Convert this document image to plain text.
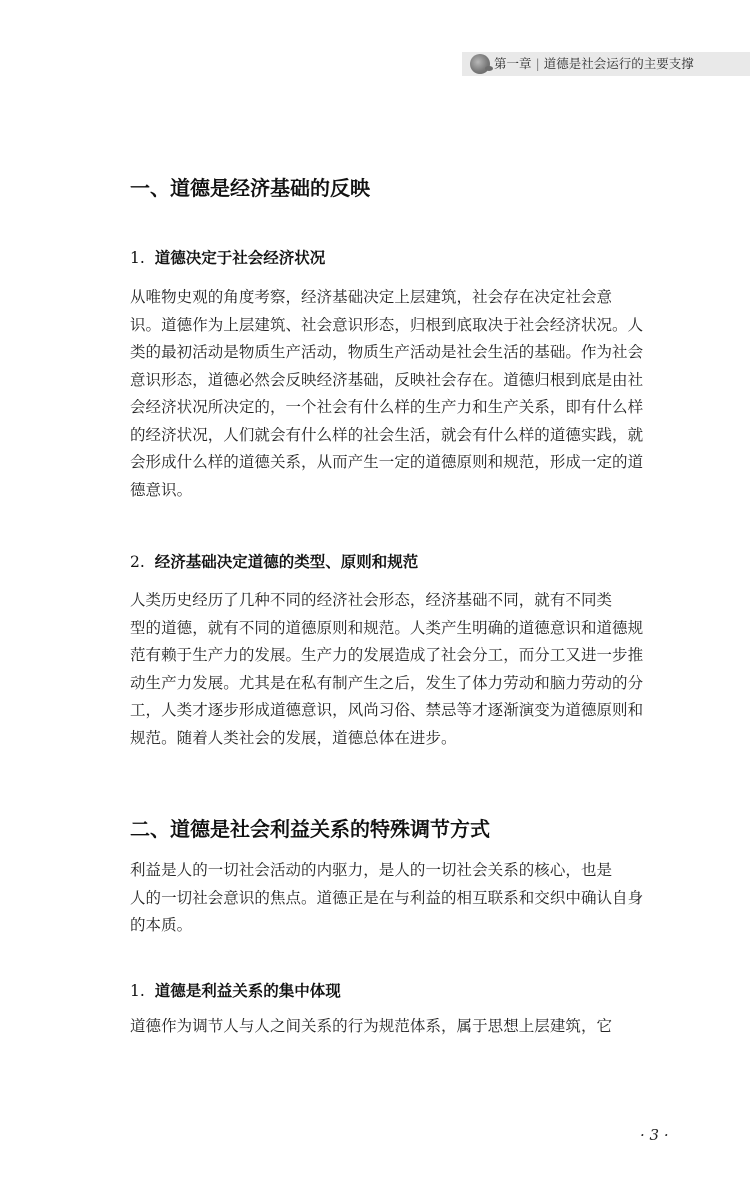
第一章 | 道德是社会运行的主要支撑
一、道德是经济基础的反映
1. 道德决定于社会经济状况
从唯物史观的角度考察，经济基础决定上层建筑，社会存在决定社会意
识。道德作为上层建筑、社会意识形态，归根到底取决于社会经济状况。人
类的最初活动是物质生产活动，物质生产活动是社会生活的基础。作为社会
意识形态，道德必然会反映经济基础，反映社会存在。道德归根到底是由社
会经济状况所决定的，一个社会有什么样的生产力和生产关系，即有什么样
的经济状况，人们就会有什么样的社会生活，就会有什么样的道德实践，就
会形成什么样的道德关系，从而产生一定的道德原则和规范，形成一定的道
德意识。
2. 经济基础决定道德的类型、原则和规范
人类历史经历了几种不同的经济社会形态，经济基础不同，就有不同类
型的道德，就有不同的道德原则和规范。人类产生明确的道德意识和道德规
范有赖于生产力的发展。生产力的发展造成了社会分工，而分工又进一步推
动生产力发展。尤其是在私有制产生之后，发生了体力劳动和脑力劳动的分
工，人类才逐步形成道德意识，风尚习俗、禁忌等才逐渐演变为道德原则和
规范。随着人类社会的发展，道德总体在进步。
二、道德是社会利益关系的特殊调节方式
利益是人的一切社会活动的内驱力，是人的一切社会关系的核心，也是
人的一切社会意识的焦点。道德正是在与利益的相互联系和交织中确认自身
的本质。
1. 道德是利益关系的集中体现
道德作为调节人与人之间关系的行为规范体系，属于思想上层建筑，它
· 3 ·
